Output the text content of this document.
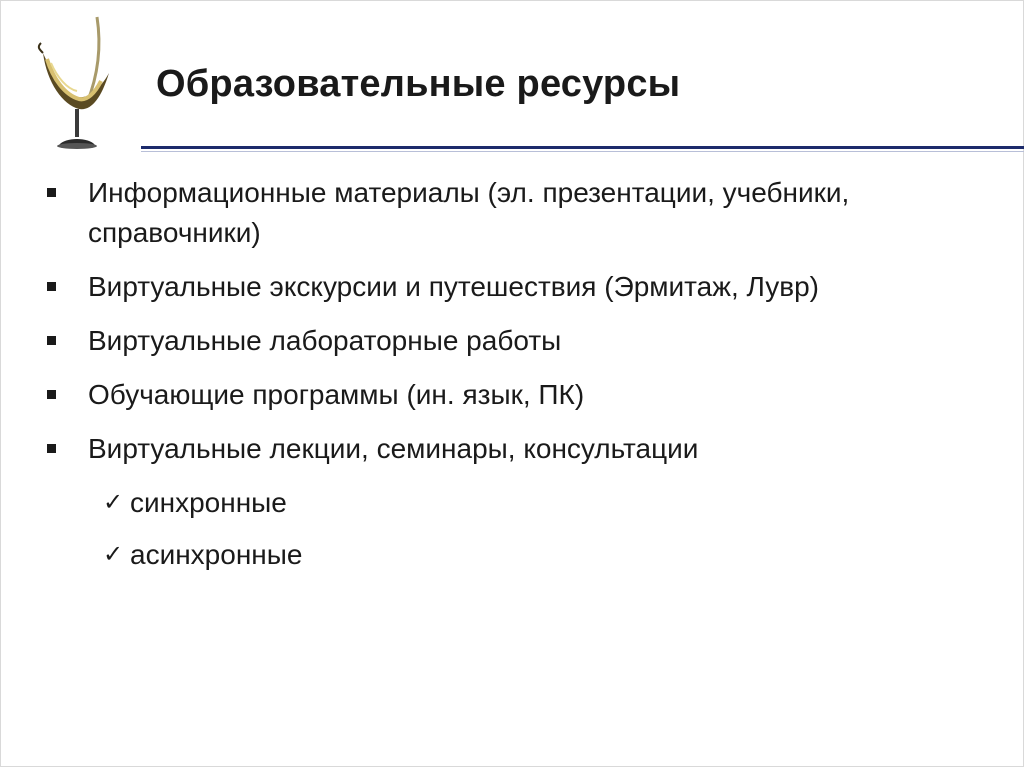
Образовательные ресурсы
Информационные материалы (эл. презентации, учебники, справочники)
Виртуальные экскурсии и путешествия (Эрмитаж, Лувр)
Виртуальные лабораторные работы
Обучающие программы (ин. язык, ПК)
Виртуальные лекции, семинары, консультации
✓ синхронные
✓ асинхронные
